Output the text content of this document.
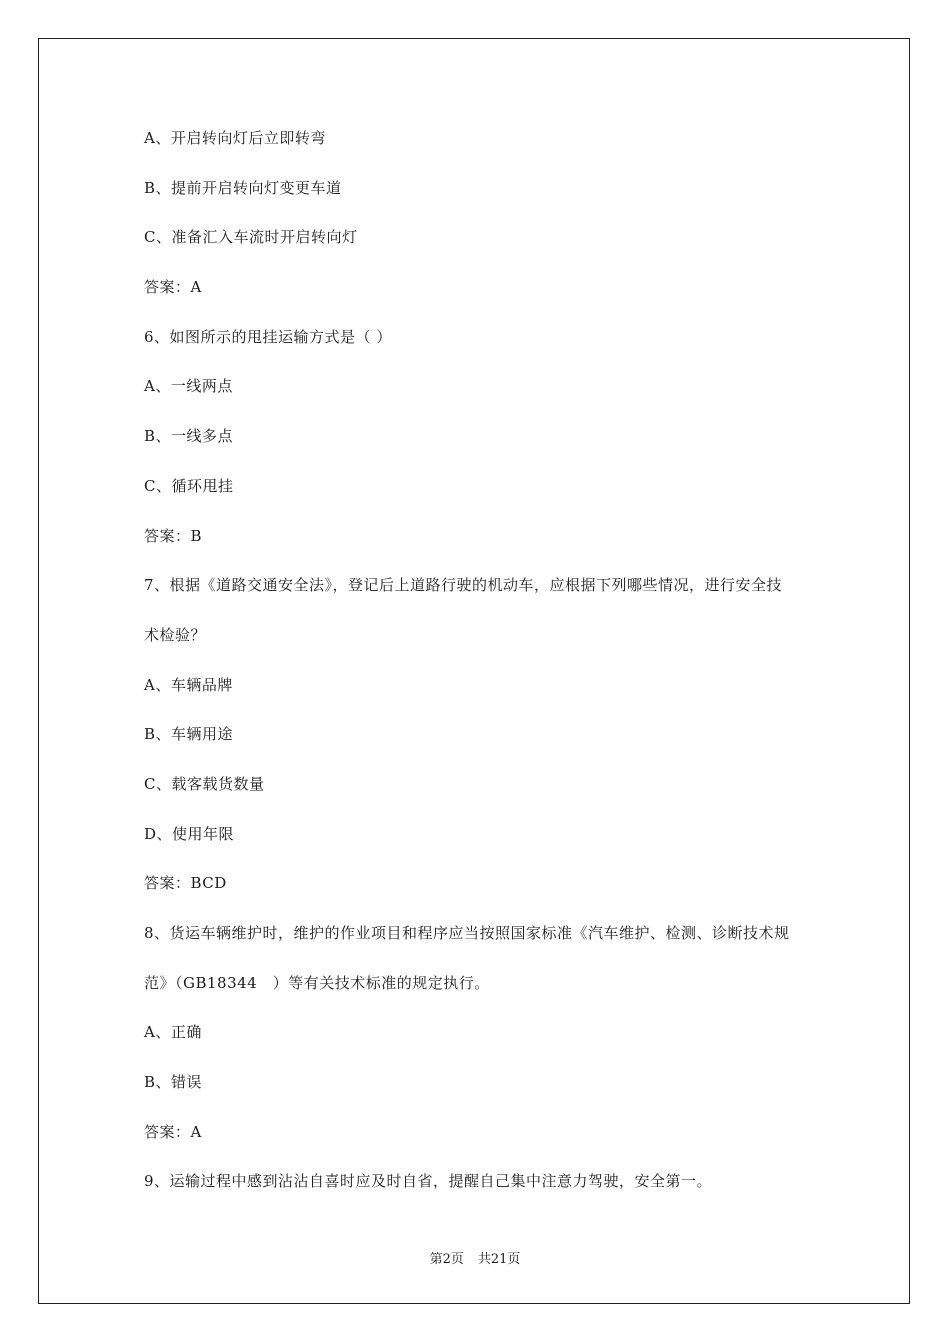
A、开启转向灯后立即转弯
B、提前开启转向灯变更车道
C、准备汇入车流时开启转向灯
答案：A
6、如图所示的甩挂运输方式是（ ）
A、一线两点
B、一线多点
C、循环甩挂
答案：B
7、根据《道路交通安全法》，登记后上道路行驶的机动车，应根据下列哪些情况，进行安全技
术检验？
A、车辆品牌
B、车辆用途
C、载客载货数量
D、使用年限
答案：BCD
8、货运车辆维护时，维护的作业项目和程序应当按照国家标准《汽车维护、检测、诊断技术规
范》（GB18344　）等有关技术标准的规定执行。
A、正确
B、错误
答案：A
9、运输过程中感到沾沾自喜时应及时自省，提醒自己集中注意力驾驶，安全第一。
第2页 共21页
